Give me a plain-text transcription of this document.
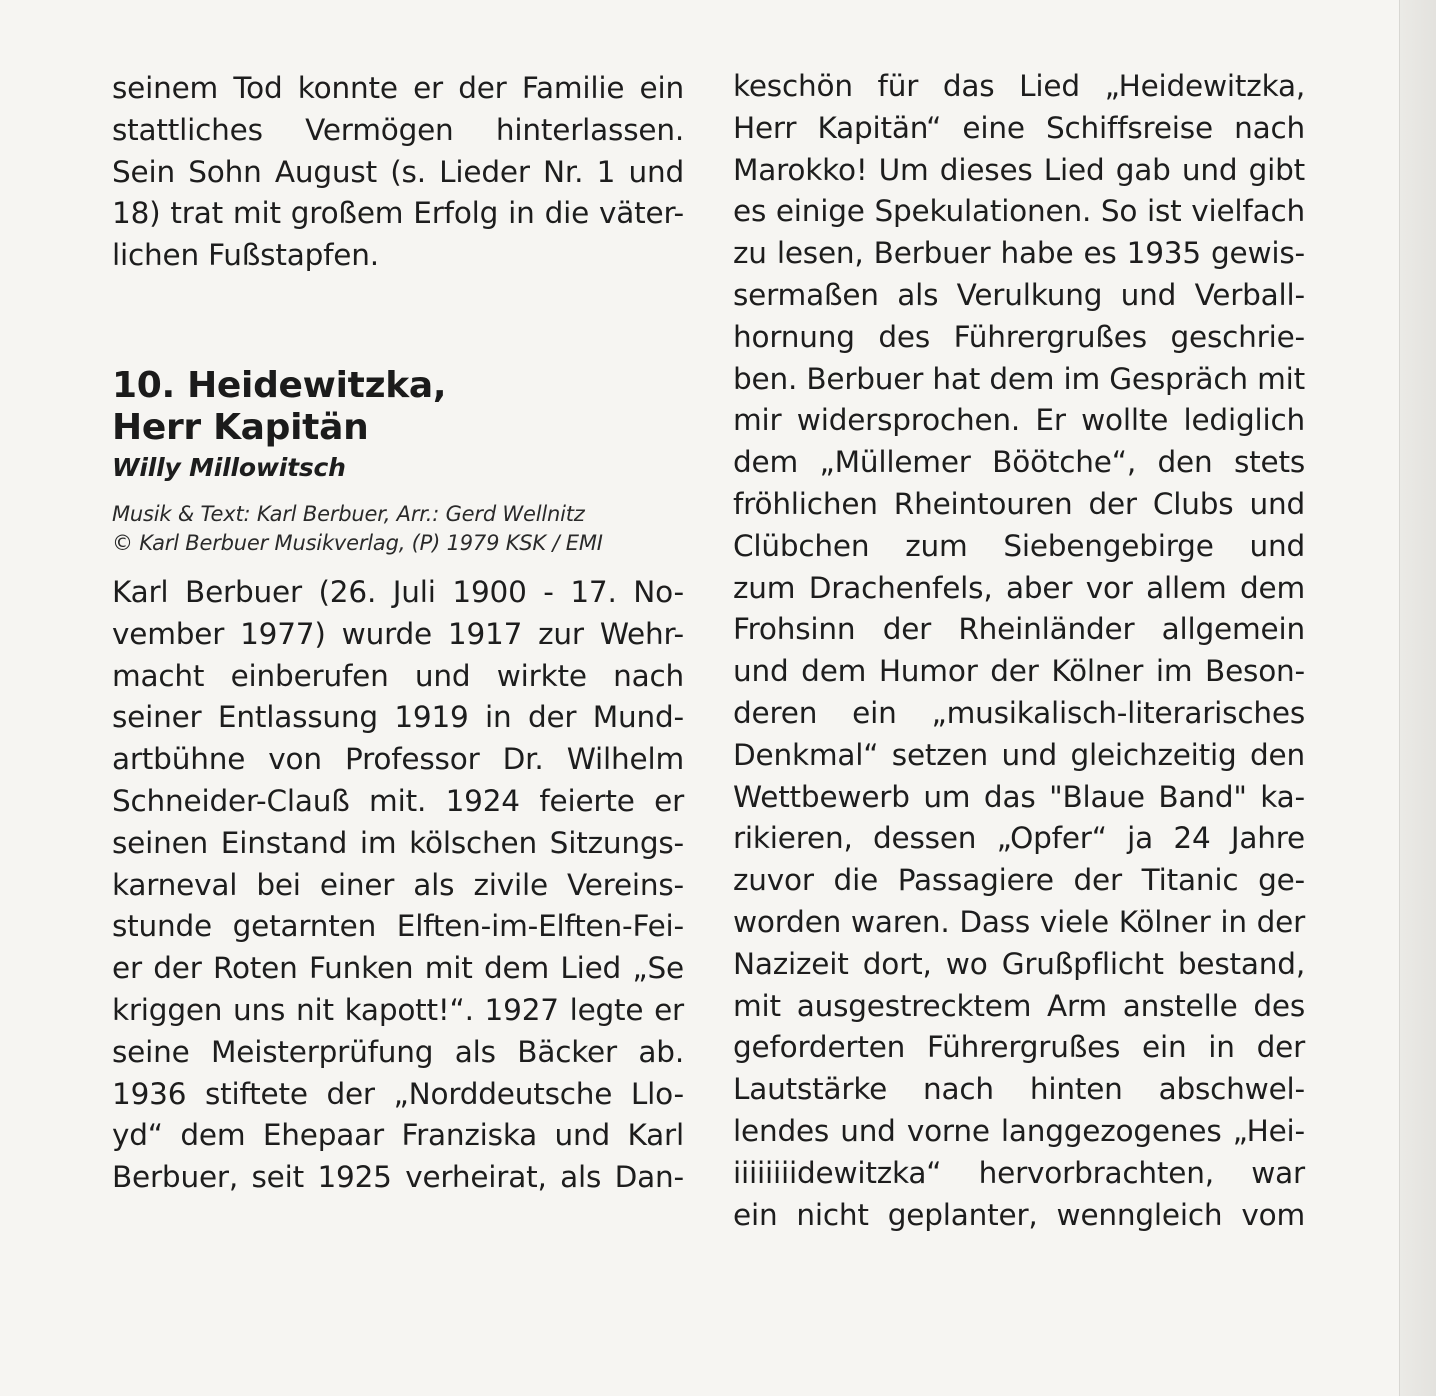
seinem Tod konnte er der Familie ein
stattliches Vermögen hinterlassen.
Sein Sohn August (s. Lieder Nr. 1 und
18) trat mit großem Erfolg in die väter-
lichen Fußstapfen.
10. Heidewitzka,
Herr Kapitän
Willy Millowitsch
Musik & Text: Karl Berbuer, Arr.: Gerd Wellnitz
© Karl Berbuer Musikverlag, (P) 1979 KSK / EMI
Karl Berbuer (26. Juli 1900 - 17. No-
vember 1977) wurde 1917 zur Wehr-
macht einberufen und wirkte nach
seiner Entlassung 1919 in der Mund-
artbühne von Professor Dr. Wilhelm
Schneider-Clauß mit. 1924 feierte er
seinen Einstand im kölschen Sitzungs-
karneval bei einer als zivile Vereins-
stunde getarnten Elften-im-Elften-Fei-
er der Roten Funken mit dem Lied „Se
kriggen uns nit kapott!“. 1927 legte er
seine Meisterprüfung als Bäcker ab.
1936 stiftete der „Norddeutsche Llo-
yd“ dem Ehepaar Franziska und Karl
Berbuer, seit 1925 verheirat, als Dan-
keschön für das Lied „Heidewitzka,
Herr Kapitän“ eine Schiffsreise nach
Marokko! Um dieses Lied gab und gibt
es einige Spekulationen. So ist vielfach
zu lesen, Berbuer habe es 1935 gewis-
sermaßen als Verulkung und Verball-
hornung des Führergrußes geschrie-
ben. Berbuer hat dem im Gespräch mit
mir widersprochen. Er wollte lediglich
dem „Müllemer Böötche“, den stets
fröhlichen Rheintouren der Clubs und
Clübchen zum Siebengebirge und
zum Drachenfels, aber vor allem dem
Frohsinn der Rheinländer allgemein
und dem Humor der Kölner im Beson-
deren ein „musikalisch-literarisches
Denkmal“ setzen und gleichzeitig den
Wettbewerb um das "Blaue Band" ka-
rikieren, dessen „Opfer“ ja 24 Jahre
zuvor die Passagiere der Titanic ge-
worden waren. Dass viele Kölner in der
Nazizeit dort, wo Grußpflicht bestand,
mit ausgestrecktem Arm anstelle des
geforderten Führergrußes ein in der
Lautstärke nach hinten abschwel-
lendes und vorne langgezogenes „Hei-
iiiiiiiidewitzka“ hervorbrachten, war
ein nicht geplanter, wenngleich vom
